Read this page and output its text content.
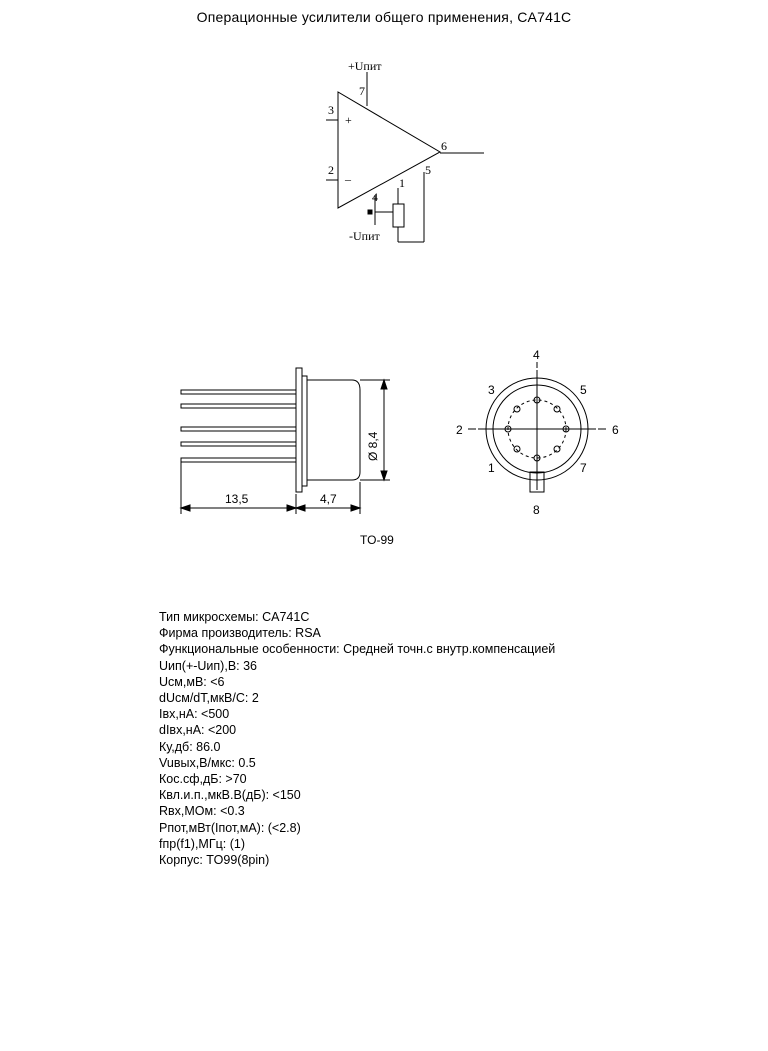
Операционные усилители общего применения, CA741C
+Uпит
-Uпит
3
2
7
6
4
1
5
+
–
13,5	4,7
Ø 8,4
TO-99
1
2
3
4
5
6
7
8
Тип микросхемы: CA741C
Фирма производитель: RSA
Функциональные особенности: Средней точн.с внутр.компенсацией
Uип(+-Uип),В: 36
Uсм,мВ: <6
dUсм/dT,мкВ/С: 2
Iвх,нА: <500
dIвх,нА: <200
Ку,дб: 86.0
Vuвых,В/мкс: 0.5
Кос.сф,дБ: >70
Квл.и.п.,мкВ.В(дБ): <150
Rвх,МОм: <0.3
Pпот,мВт(Iпот,мА): (<2.8)
fпр(f1),МГц: (1)
Корпус: TO99(8pin)
